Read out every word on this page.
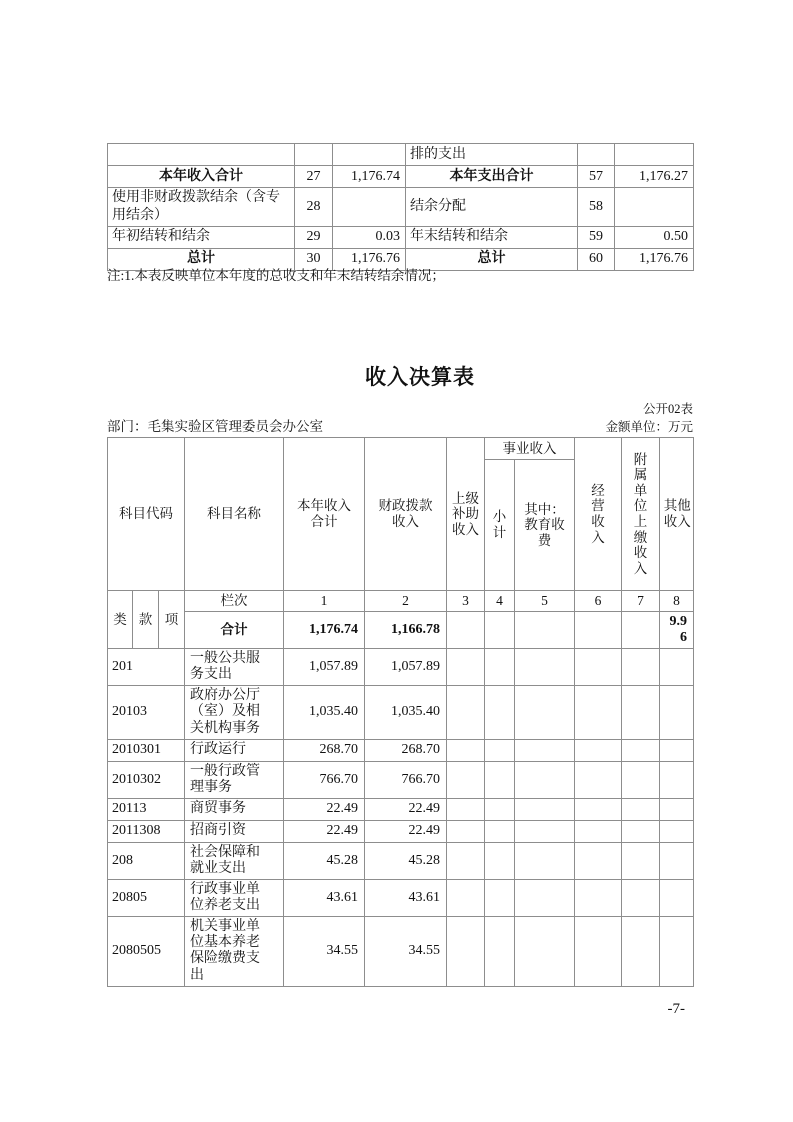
			排的支出		
本年收入合计	27	1,176.74	本年支出合计	57	1,176.27
使用非财政拨款结余（含专用结余）	28		结余分配	58	
年初结转和结余	29	0.03	年末结转和结余	59	0.50
总计	30	1,176.76	总计	60	1,176.76
注:1.本表反映单位本年度的总收支和年末结转结余情况；
收入决算表
公开02表
部门：毛集实验区管理委员会办公室	金额单位：万元
科目代码			科目名称	本年收入合计	财政拨款收入	上级补助收入	事业收入		经营收入	附属单位上缴收入	其他收入
							小计	其中：教育收费			
类	款	项	栏次	1	2	3	4	5	6	7	8
			合计	1,176.74	1,166.78						9.96
201			一般公共服务支出	1,057.89	1,057.89						
20103			政府办公厅（室）及相关机构事务	1,035.40	1,035.40						
2010301			行政运行	268.70	268.70						
2010302			一般行政管理事务	766.70	766.70						
20113			商贸事务	22.49	22.49						
2011308			招商引资	22.49	22.49						
208			社会保障和就业支出	45.28	45.28						
20805			行政事业单位养老支出	43.61	43.61						
2080505			机关事业单位基本养老保险缴费支出	34.55	34.55						
-7-
